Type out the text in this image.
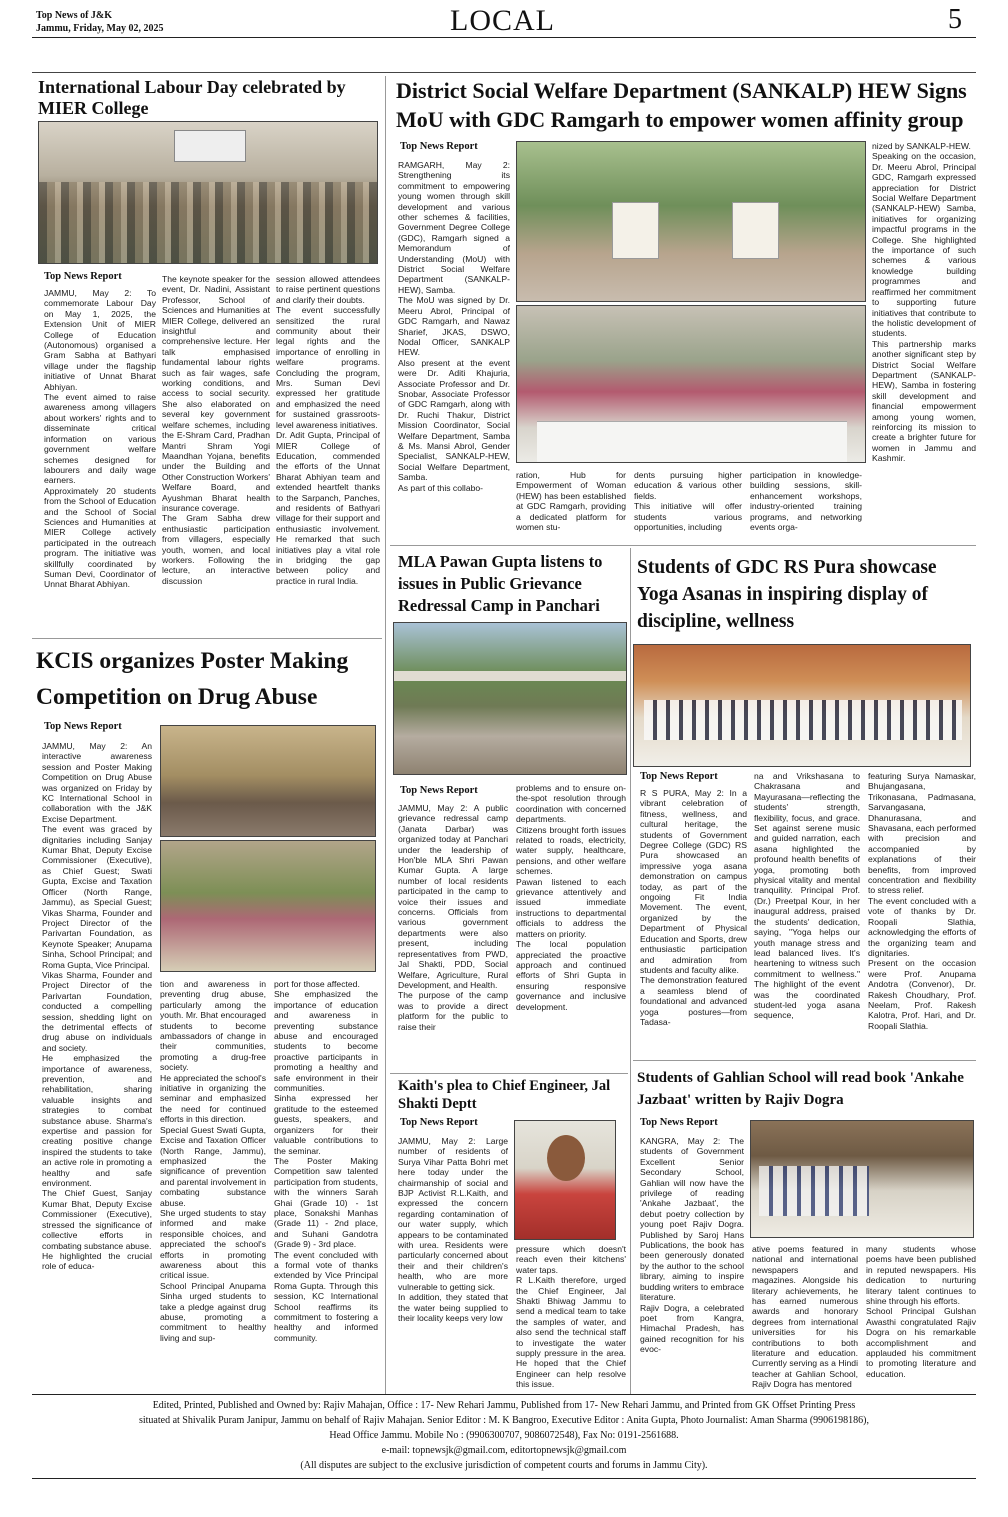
Top News of J&K
Jammu, Friday, May 02, 2025	LOCAL	5
International Labour Day celebrated by MIER College
Top News Report
JAMMU, May 2: To commemorate Labour Day on May 1, 2025, the Extension Unit of MIER College of Education (Autonomous) organised a Gram Sabha at Bathyari village under the flagship initiative of Unnat Bharat Abhiyan.
The event aimed to raise awareness among villagers about workers' rights and to disseminate critical information on various government welfare schemes designed for labourers and daily wage earners.
Approximately 20 students from the School of Education and the School of Social Sciences and Humanities at MIER College actively participated in the outreach program. The initiative was skillfully coordinated by Suman Devi, Coordinator of Unnat Bharat Abhiyan.
The keynote speaker for the event, Dr. Nadini, Assistant Professor, School of Sciences and Humanities at MIER College, delivered an insightful and comprehensive lecture. Her talk emphasised fundamental labour rights such as fair wages, safe working conditions, and access to social security. She also elaborated on several key government welfare schemes, including the E-Shram Card, Pradhan Mantri Shram Yogi Maandhan Yojana, benefits under the Building and Other Construction Workers' Welfare Board, and Ayushman Bharat health insurance coverage.
The Gram Sabha drew enthusiastic participation from villagers, especially youth, women, and local workers. Following the lecture, an interactive discussion
session allowed attendees to raise pertinent questions and clarify their doubts.
The event successfully sensitized the rural community about their legal rights and the importance of enrolling in welfare programs. Concluding the program, Mrs. Suman Devi expressed her gratitude and emphasized the need for sustained grassroots-level awareness initiatives.
Dr. Adit Gupta, Principal of MIER College of Education, commended the efforts of the Unnat Bharat Abhiyan team and extended heartfelt thanks to the Sarpanch, Panches, and residents of Bathyari village for their support and enthusiastic involvement. He remarked that such initiatives play a vital role in bridging the gap between policy and practice in rural India.
District Social Welfare Department (SANKALP) HEW Signs MoU with GDC Ramgarh to empower women affinity group
Top News Report
RAMGARH, May 2: Strengthening its commitment to empowering young women through skill development and various other schemes & facilities, Government Degree College (GDC), Ramgarh signed a Memorandum of Understanding (MoU) with District Social Welfare Department (SANKALP-HEW), Samba.
The MoU was signed by Dr. Meeru Abrol, Principal of GDC Ramgarh, and Nawaz Sharief, JKAS, DSWO, Nodal Officer, SANKALP HEW.
Also present at the event were Dr. Aditi Khajuria, Associate Professor and Dr. Snobar, Associate Professor of GDC Ramgarh, along with Dr. Ruchi Thakur, District Mission Coordinator, Social Welfare Department, Samba & Ms. Mansi Abrol, Gender Specialist, SANKALP-HEW, Social Welfare Department, Samba.
As part of this collabo-
ration, Hub for Empowerment of Woman (HEW) has been established at GDC Ramgarh, providing a dedicated platform for women stu-
dents pursuing higher education & various other fields.
This initiative will offer students various opportunities, including
participation in knowledge-building sessions, skill-enhancement workshops, industry-oriented training programs, and networking events orga-
nized by SANKALP-HEW.
Speaking on the occasion, Dr. Meeru Abrol, Principal GDC, Ramgarh expressed appreciation for District Social Welfare Department (SANKALP-HEW) Samba, initiatives for organizing impactful programs in the College. She highlighted the importance of such schemes & various knowledge building programmes and reaffirmed her commitment to supporting future initiatives that contribute to the holistic development of students.
This partnership marks another significant step by District Social Welfare Department (SANKALP-HEW), Samba in fostering skill development and financial empowerment among young women, reinforcing its mission to create a brighter future for women in Jammu and Kashmir.
MLA Pawan Gupta listens to issues in Public Grievance Redressal Camp in Panchari
Top News Report
JAMMU, May 2: A public grievance redressal camp (Janata Darbar) was organized today at Panchari under the leadership of Hon'ble MLA Shri Pawan Kumar Gupta. A large number of local residents participated in the camp to voice their issues and concerns. Officials from various government departments were also present, including representatives from PWD, Jal Shakti, PDD, Social Welfare, Agriculture, Rural Development, and Health.
The purpose of the camp was to provide a direct platform for the public to raise their
problems and to ensure on-the-spot resolution through coordination with concerned departments.
Citizens brought forth issues related to roads, electricity, water supply, healthcare, pensions, and other welfare schemes.
Pawan listened to each grievance attentively and issued immediate instructions to departmental officials to address the matters on priority.
The local population appreciated the proactive approach and continued efforts of Shri Gupta in ensuring responsive governance and inclusive development.
Students of GDC RS Pura showcase Yoga Asanas in inspiring display of discipline, wellness
Top News Report
R S PURA, May 2: In a vibrant celebration of fitness, wellness, and cultural heritage, the students of Government Degree College (GDC) RS Pura showcased an impressive yoga asana demonstration on campus today, as part of the ongoing Fit India Movement. The event, organized by the Department of Physical Education and Sports, drew enthusiastic participation and admiration from students and faculty alike.
The demonstration featured a seamless blend of foundational and advanced yoga postures—from Tadasa-
na and Vrikshasana to Chakrasana and Mayurasana—reflecting the students' strength, flexibility, focus, and grace. Set against serene music and guided narration, each asana highlighted the profound health benefits of yoga, promoting both physical vitality and mental tranquility. Principal Prof. (Dr.) Preetpal Kour, in her inaugural address, praised the students' dedication, saying, "Yoga helps our youth manage stress and lead balanced lives. It's heartening to witness such commitment to wellness." The highlight of the event was the coordinated student-led yoga asana sequence,
featuring Surya Namaskar, Bhujangasana, Trikonasana, Padmasana, Sarvangasana, Dhanurasana, and Shavasana, each performed with precision and accompanied by explanations of their benefits, from improved concentration and flexibility to stress relief.
The event concluded with a vote of thanks by Dr. Roopali Slathia, acknowledging the efforts of the organizing team and dignitaries.
Present on the occasion were Prof. Anupama Andotra (Convenor), Dr. Rakesh Choudhary, Prof. Neelam, Prof. Rakesh Kalotra, Prof. Hari, and Dr. Roopali Slathia.
KCIS organizes Poster Making Competition on Drug Abuse
Top News Report
JAMMU, May 2: An interactive awareness session and Poster Making Competition on Drug Abuse was organized on Friday by KC International School in collaboration with the J&K Excise Department.
The event was graced by dignitaries including Sanjay Kumar Bhat, Deputy Excise Commissioner (Executive), as Chief Guest; Swati Gupta, Excise and Taxation Officer (North Range, Jammu), as Special Guest; Vikas Sharma, Founder and Project Director of the Parivartan Foundation, as Keynote Speaker; Anupama Sinha, School Principal; and Roma Gupta, Vice Principal.
Vikas Sharma, Founder and Project Director of the Parivartan Foundation, conducted a compelling session, shedding light on the detrimental effects of drug abuse on individuals and society.
He emphasized the importance of awareness, prevention, and rehabilitation, sharing valuable insights and strategies to combat substance abuse. Sharma's expertise and passion for creating positive change inspired the students to take an active role in promoting a healthy and safe environment.
The Chief Guest, Sanjay Kumar Bhat, Deputy Excise Commissioner (Executive), stressed the significance of collective efforts in combating substance abuse.
He highlighted the crucial role of educa-
tion and awareness in preventing drug abuse, particularly among the youth. Mr. Bhat encouraged students to become ambassadors of change in their communities, promoting a drug-free society.
He appreciated the school's initiative in organizing the seminar and emphasized the need for continued efforts in this direction.
Special Guest Swati Gupta, Excise and Taxation Officer (North Range, Jammu), emphasized the significance of prevention and parental involvement in combating substance abuse.
She urged students to stay informed and make responsible choices, and appreciated the school's efforts in promoting awareness about this critical issue.
School Principal Anupama Sinha urged students to take a pledge against drug abuse, promoting a commitment to healthy living and sup-
port for those affected.
She emphasized the importance of education and awareness in preventing substance abuse and encouraged students to become proactive participants in promoting a healthy and safe environment in their communities.
Sinha expressed her gratitude to the esteemed guests, speakers, and organizers for their valuable contributions to the seminar.
The Poster Making Competition saw talented participation from students, with the winners Sarah Ghai (Grade 10) - 1st place, Sonakshi Manhas (Grade 11) - 2nd place, and Suhani Gandotra (Grade 9) - 3rd place.
The event concluded with a formal vote of thanks extended by Vice Principal Roma Gupta. Through this session, KC International School reaffirms its commitment to fostering a healthy and informed community.
Kaith's plea to Chief Engineer, Jal Shakti Deptt
Top News Report
JAMMU, May 2: Large number of residents of Surya Vihar Patta Bohri met here today under the chairmanship of social and BJP Activist R.L.Kaith, and expressed the concern regarding contamination of our water supply, which appears to be contaminated with urea. Residents were particularly concerned about their and their children's health, who are more vulnerable to getting sick.
In addition, they stated that the water being supplied to their locality keeps very low
pressure which doesn't reach even their kitchens' water taps.
R L.Kaith therefore, urged the Chief Engineer, Jal Shakti Bhiwag Jammu to send a medical team to take the samples of water, and also send the technical staff to investigate the water supply pressure in the area. He hoped that the Chief Engineer can help resolve this issue.
Students of Gahlian School will read book 'Ankahe Jazbaat' written by Rajiv Dogra
Top News Report
KANGRA, May 2: The students of Government Excellent Senior Secondary School, Gahlian will now have the privilege of reading 'Ankahe Jazbaat', the debut poetry collection by young poet Rajiv Dogra. Published by Saroj Hans Publications, the book has been generously donated by the author to the school library, aiming to inspire budding writers to embrace literature.
Rajiv Dogra, a celebrated poet from Kangra, Himachal Pradesh, has gained recognition for his evoc-
ative poems featured in national and international newspapers and magazines. Alongside his literary achievements, he has earned numerous awards and honorary degrees from international universities for his contributions to both literature and education. Currently serving as a Hindi teacher at Gahlian School, Rajiv Dogra has mentored
many students whose poems have been published in reputed newspapers. His dedication to nurturing literary talent continues to shine through his efforts.
School Principal Gulshan Awasthi congratulated Rajiv Dogra on his remarkable accomplishment and applauded his commitment to promoting literature and education.
Edited, Printed, Published and Owned by: Rajiv Mahajan, Office : 17- New Rehari Jammu, Published from 17- New Rehari Jammu, and Printed from GK Offset Printing Press
situated at Shivalik Puram Janipur, Jammu on behalf of Rajiv Mahajan. Senior Editor : M. K Bangroo, Executive Editor : Anita Gupta, Photo Journalist: Aman Sharma (9906198186),
Head Office Jammu. Mobile No : (9906300707, 9086072548), Fax No: 0191-2561688.
e-mail: topnewsjk@gmail.com, editortopnewsjk@gmail.com
(All disputes are subject to the exclusive jurisdiction of competent courts and forums in Jammu City).
